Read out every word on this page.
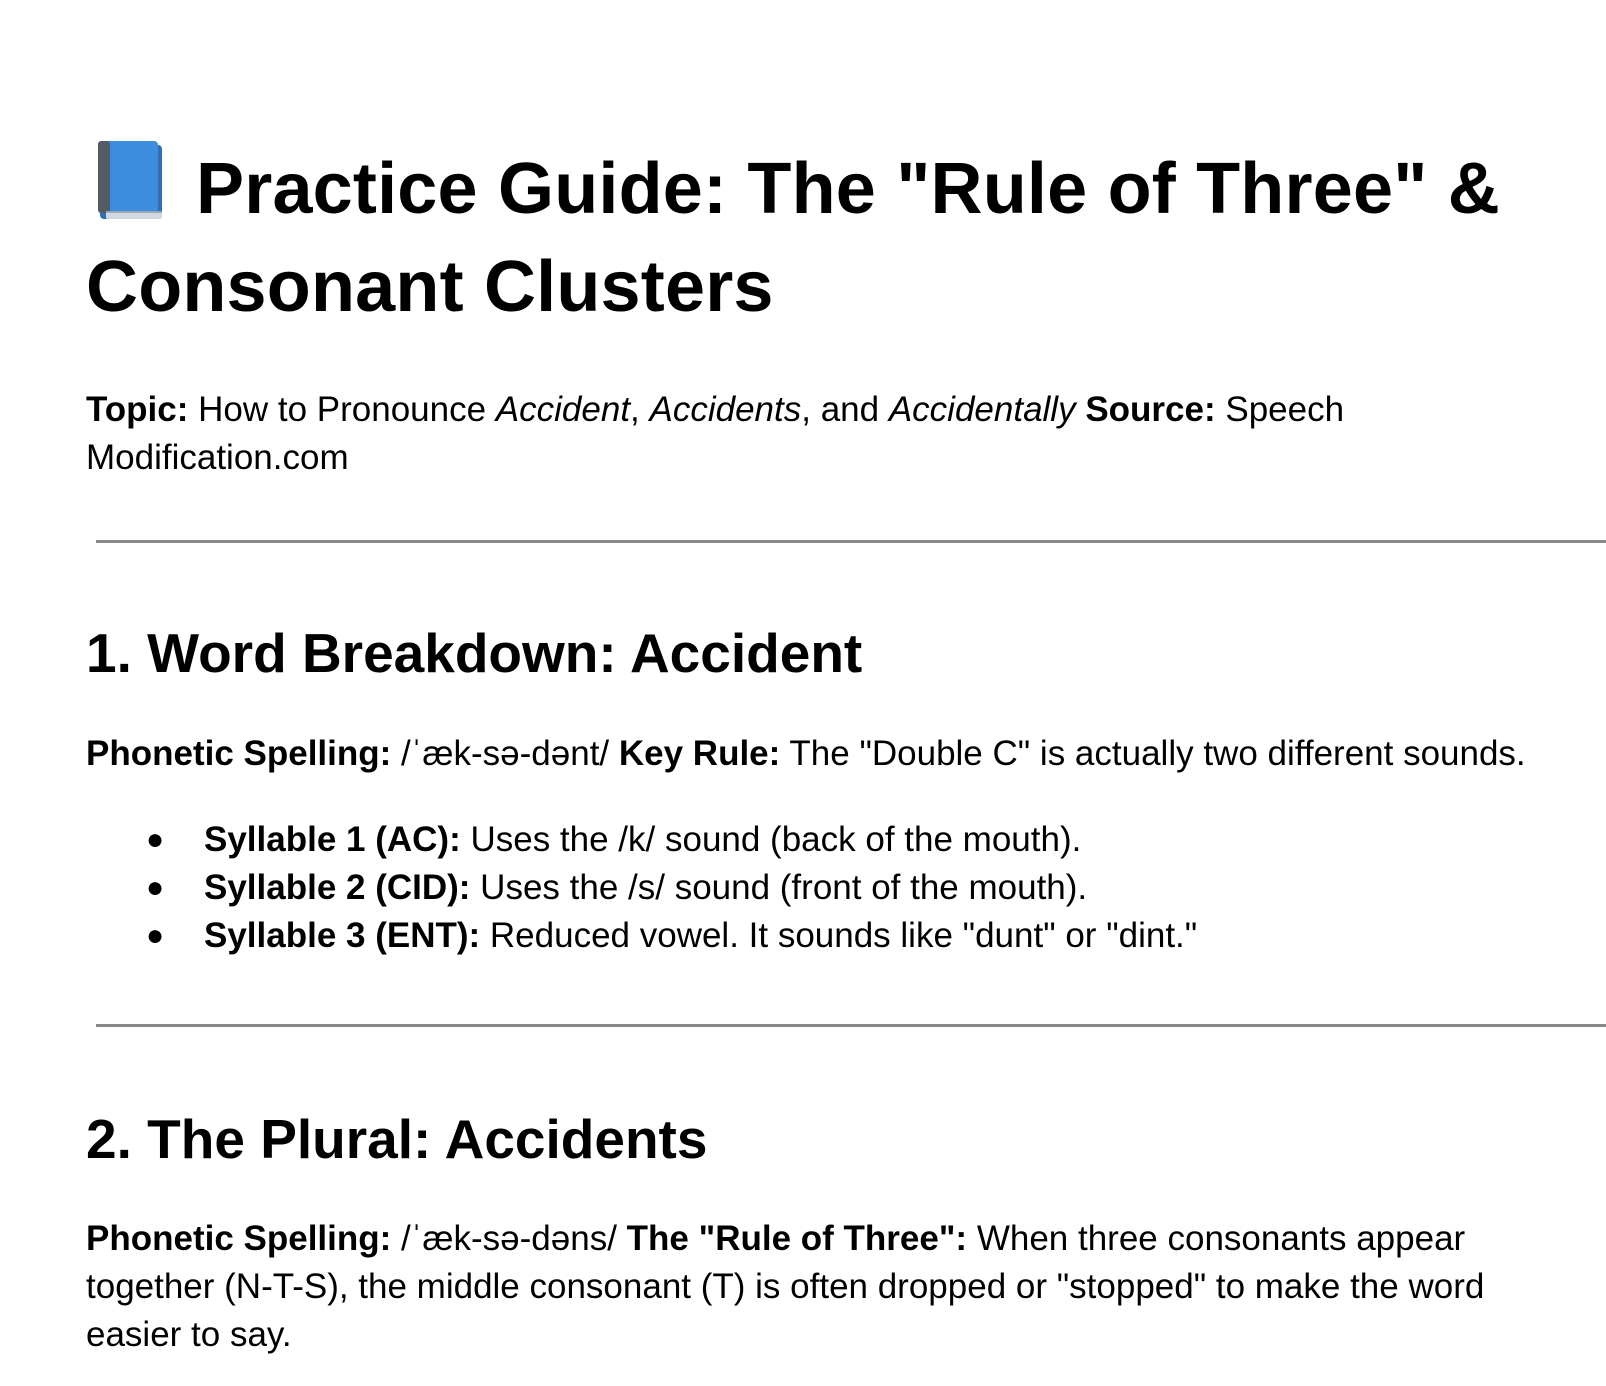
Practice Guide: The "Rule of Three" & Consonant Clusters

Topic: How to Pronounce Accident, Accidents, and Accidentally Source: Speech Modification.com

1. Word Breakdown: Accident

Phonetic Spelling: /ˈæk-sə-dənt/ Key Rule: The "Double C" is actually two different sounds.

● Syllable 1 (AC): Uses the /k/ sound (back of the mouth).
● Syllable 2 (CID): Uses the /s/ sound (front of the mouth).
● Syllable 3 (ENT): Reduced vowel. It sounds like "dunt" or "dint."
2. The Plural: Accidents

Phonetic Spelling: /ˈæk-sə-dəns/ The "Rule of Three": When three consonants appear together (N-T-S), the middle consonant (T) is often dropped or "stopped" to make the word easier to say.
